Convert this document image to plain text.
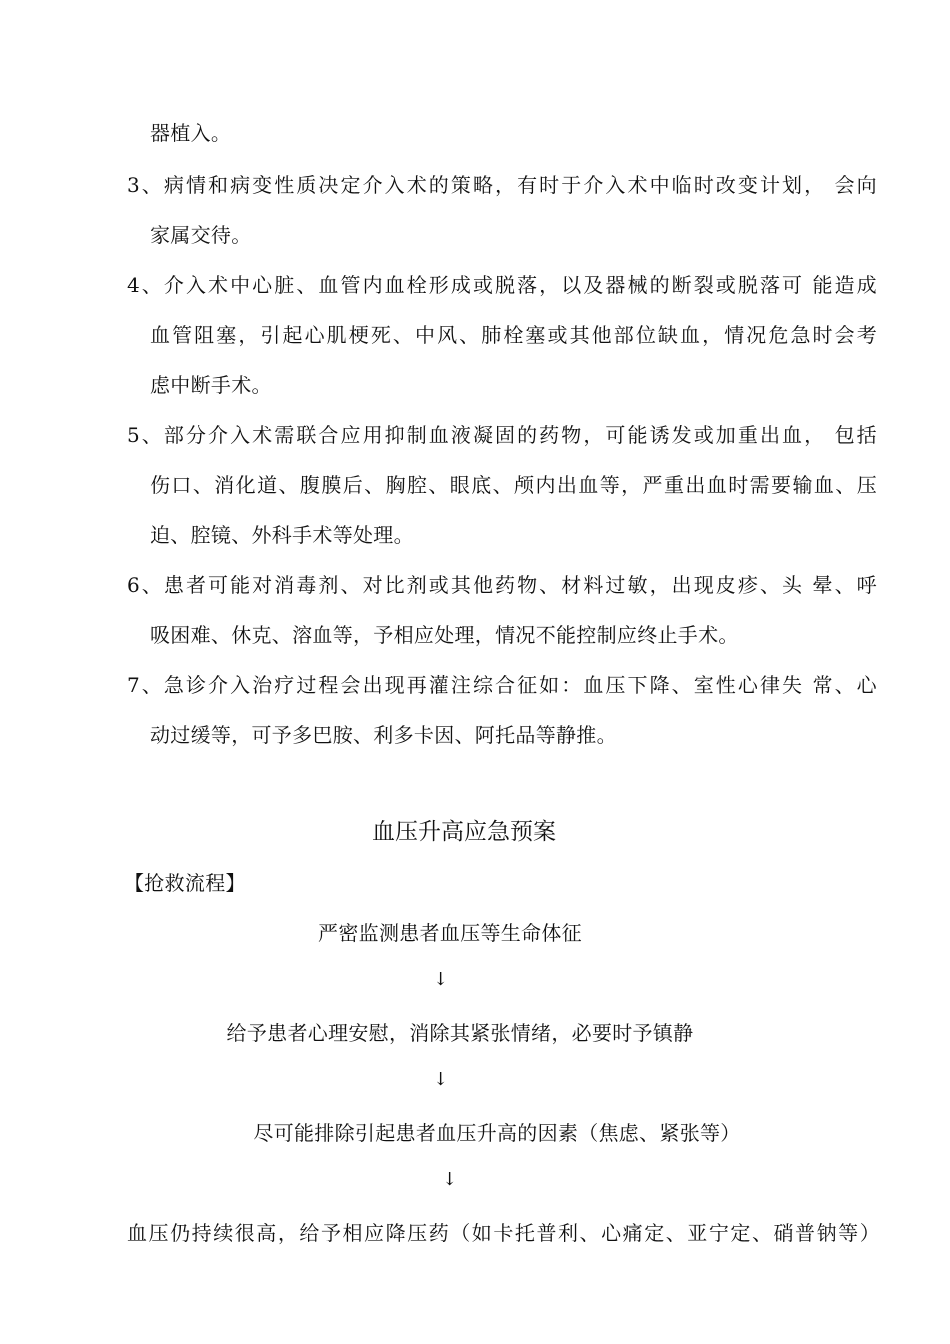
器植入。
3、病情和病变性质决定介入术的策略，有时于介入术中临时改变计划， 会向
家属交待。
4、介入术中心脏、血管内血栓形成或脱落，以及器械的断裂或脱落可 能造成
血管阻塞，引起心肌梗死、中风、肺栓塞或其他部位缺血，情况危急时会考
虑中断手术。
5、部分介入术需联合应用抑制血液凝固的药物，可能诱发或加重出血， 包括
伤口、消化道、腹膜后、胸腔、眼底、颅内出血等，严重出血时需要输血、压
迫、腔镜、外科手术等处理。
6、患者可能对消毒剂、对比剂或其他药物、材料过敏，出现皮疹、头 晕、呼
吸困难、休克、溶血等，予相应处理，情况不能控制应终止手术。
7、急诊介入治疗过程会出现再灌注综合征如：血压下降、室性心律失 常、心
动过缓等，可予多巴胺、利多卡因、阿托品等静推。
血压升高应急预案
【抢救流程】
严密监测患者血压等生命体征
↓
给予患者心理安慰，消除其紧张情绪，必要时予镇静
↓
尽可能排除引起患者血压升高的因素（焦虑、紧张等）
↓
血压仍持续很高，给予相应降压药（如卡托普利、心痛定、亚宁定、硝普钠等）
